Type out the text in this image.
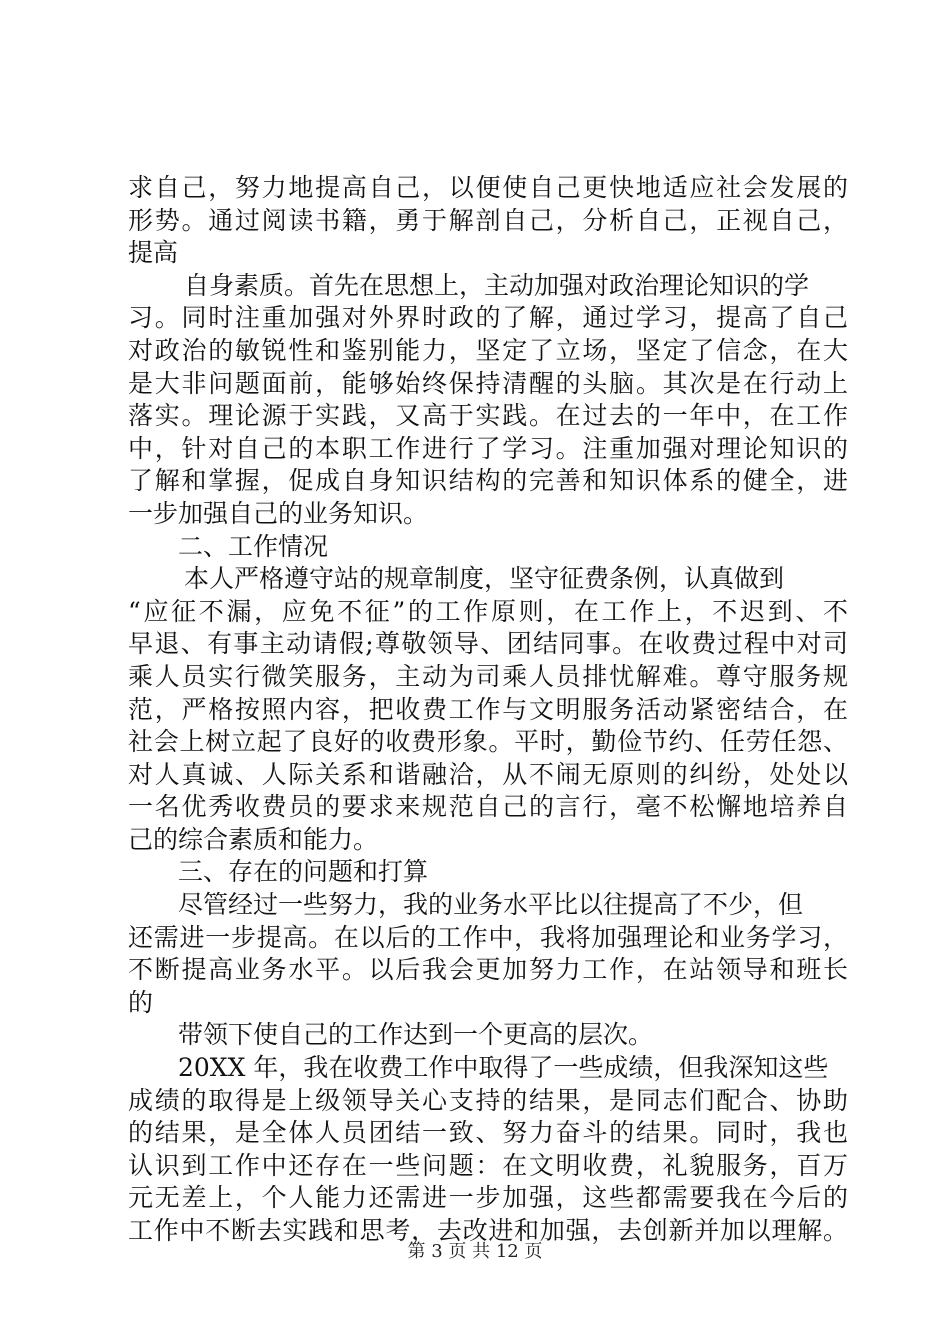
求自己，努力地提高自己，以便使自己更快地适应社会发展的
形势。通过阅读书籍，勇于解剖自己，分析自己，正视自己，
提高
自身素质。首先在思想上，主动加强对政治理论知识的学
习。同时注重加强对外界时政的了解，通过学习，提高了自己
对政治的敏锐性和鉴别能力，坚定了立场，坚定了信念，在大
是大非问题面前，能够始终保持清醒的头脑。其次是在行动上
落实。理论源于实践，又高于实践。在过去的一年中，在工作
中，针对自己的本职工作进行了学习。注重加强对理论知识的
了解和掌握，促成自身知识结构的完善和知识体系的健全，进
一步加强自己的业务知识。
二、工作情况
本人严格遵守站的规章制度，坚守征费条例，认真做到
“应征不漏，应免不征”的工作原则，在工作上，不迟到、不
早退、有事主动请假;尊敬领导、团结同事。在收费过程中对司
乘人员实行微笑服务，主动为司乘人员排忧解难。尊守服务规
范，严格按照内容，把收费工作与文明服务活动紧密结合，在
社会上树立起了良好的收费形象。平时，勤俭节约、任劳任怨、
对人真诚、人际关系和谐融洽，从不闹无原则的纠纷，处处以
一名优秀收费员的要求来规范自己的言行，毫不松懈地培养自
己的综合素质和能力。
三、存在的问题和打算
尽管经过一些努力，我的业务水平比以往提高了不少，但
还需进一步提高。在以后的工作中，我将加强理论和业务学习，
不断提高业务水平。以后我会更加努力工作，在站领导和班长
的
带领下使自己的工作达到一个更高的层次。
20XX 年，我在收费工作中取得了一些成绩，但我深知这些
成绩的取得是上级领导关心支持的结果，是同志们配合、协助
的结果，是全体人员团结一致、努力奋斗的结果。同时，我也
认识到工作中还存在一些问题：在文明收费，礼貌服务，百万
元无差上，个人能力还需进一步加强，这些都需要我在今后的
工作中不断去实践和思考，去改进和加强，去创新并加以理解。
第 3 页 共 12 页
